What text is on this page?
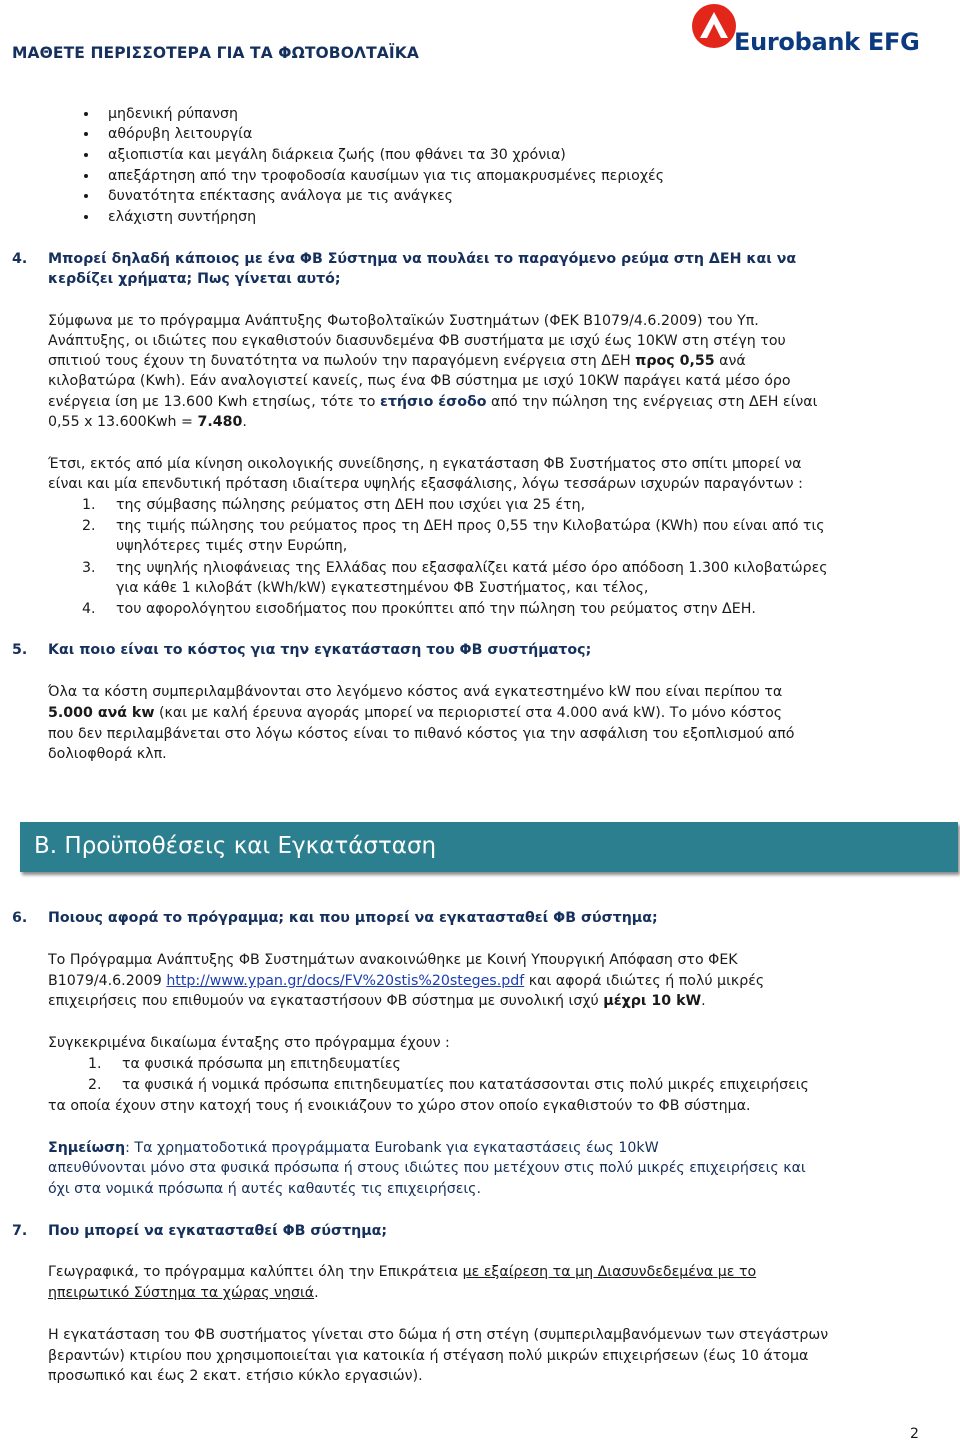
ΜΑΘΕΤΕ ΠΕΡΙΣΣΟΤΕΡΑ ΓΙΑ ΤΑ ΦΩΤΟΒΟΛΤΑΪΚΑ	Eurobank EFG
μηδενική ρύπανση
αθόρυβη λειτουργία
αξιοπιστία και μεγάλη διάρκεια ζωής (που φθάνει τα 30 χρόνια)
απεξάρτηση από την τροφοδοσία καυσίμων για τις απομακρυσμένες περιοχές
δυνατότητα επέκτασης ανάλογα με τις ανάγκες
ελάχιστη συντήρηση
4. Μπορεί δηλαδή κάποιος με ένα ΦΒ Σύστημα να πουλάει το παραγόμενο ρεύμα στη ΔΕΗ και να
κερδίζει χρήματα; Πως γίνεται αυτό;
Σύμφωνα με το πρόγραμμα Ανάπτυξης Φωτοβολταϊκών Συστημάτων (ΦΕΚ Β1079/4.6.2009) του Υπ.
Ανάπτυξης, οι ιδιώτες που εγκαθιστούν διασυνδεμένα ΦΒ συστήματα με ισχύ έως 10KW στη στέγη του
σπιτιού τους έχουν τη δυνατότητα να πωλούν την παραγόμενη ενέργεια στη ΔΕΗ προς 0,55 ανά
κιλοβατώρα (Kwh). Εάν αναλογιστεί κανείς, πως ένα ΦΒ σύστημα με ισχύ 10KW παράγει κατά μέσο όρο
ενέργεια ίση με 13.600 Kwh ετησίως, τότε το ετήσιο έσοδο από την πώληση της ενέργειας στη ΔΕΗ είναι
0,55 x 13.600Kwh = 7.480.
Έτσι, εκτός από μία κίνηση οικολογικής συνείδησης, η εγκατάσταση ΦΒ Συστήματος στο σπίτι μπορεί να
είναι και μία επενδυτική πρόταση ιδιαίτερα υψηλής εξασφάλισης, λόγω τεσσάρων ισχυρών παραγόντων :
1. της σύμβασης πώλησης ρεύματος στη ΔΕΗ που ισχύει για 25 έτη,
2. της τιμής πώλησης του ρεύματος προς τη ΔΕΗ προς 0,55 την Κιλοβατώρα (KWh) που είναι από τις
υψηλότερες τιμές στην Ευρώπη,
3. της υψηλής ηλιοφάνειας της Ελλάδας που εξασφαλίζει κατά μέσο όρο απόδοση 1.300 κιλοβατώρες
για κάθε 1 κιλοβάτ (kWh/kW) εγκατεστημένου ΦΒ Συστήματος, και τέλος,
4. του αφορολόγητου εισοδήματος που προκύπτει από την πώληση του ρεύματος στην ΔΕΗ.
5. Και ποιο είναι το κόστος για την εγκατάσταση του ΦΒ συστήματος;
Όλα τα κόστη συμπεριλαμβάνονται στο λεγόμενο κόστος ανά εγκατεστημένο kW που είναι περίπου τα
5.000 ανά kw (και με καλή έρευνα αγοράς μπορεί να περιοριστεί στα 4.000 ανά kW). Το μόνο κόστος
που δεν περιλαμβάνεται στο λόγω κόστος είναι το πιθανό κόστος για την ασφάλιση του εξοπλισμού από
δολιοφθορά κλπ.
Β. Προϋποθέσεις και Εγκατάσταση
6. Ποιους αφορά το πρόγραμμα; και που μπορεί να εγκατασταθεί ΦΒ σύστημα;
Το Πρόγραμμα Ανάπτυξης ΦΒ Συστημάτων ανακοινώθηκε με Κοινή Υπουργική Απόφαση στο ΦΕΚ
Β1079/4.6.2009 http://www.ypan.gr/docs/FV%20stis%20steges.pdf και αφορά ιδιώτες ή πολύ μικρές
επιχειρήσεις που επιθυμούν να εγκαταστήσουν ΦΒ σύστημα με συνολική ισχύ μέχρι 10 kW.
Συγκεκριμένα δικαίωμα ένταξης στο πρόγραμμα έχουν :
1. τα φυσικά πρόσωπα μη επιτηδευματίες
2. τα φυσικά ή νομικά πρόσωπα επιτηδευματίες που κατατάσσονται στις πολύ μικρές επιχειρήσεις
τα οποία έχουν στην κατοχή τους ή ενοικιάζουν το χώρο στον οποίο εγκαθιστούν το ΦΒ σύστημα.
Σημείωση: Τα χρηματοδοτικά προγράμματα Eurobank για εγκαταστάσεις έως 10kW
απευθύνονται μόνο στα φυσικά πρόσωπα ή στους ιδιώτες που μετέχουν στις πολύ μικρές επιχειρήσεις και
όχι στα νομικά πρόσωπα ή αυτές καθαυτές τις επιχειρήσεις.
7. Που μπορεί να εγκατασταθεί ΦΒ σύστημα;
Γεωγραφικά, το πρόγραμμα καλύπτει όλη την Επικράτεια με εξαίρεση τα μη Διασυνδεδεμένα με το
ηπειρωτικό Σύστημα τα χώρας νησιά.
Η εγκατάσταση του ΦΒ συστήματος γίνεται στο δώμα ή στη στέγη (συμπεριλαμβανόμενων των στεγάστρων
βεραντών) κτιρίου που χρησιμοποιείται για κατοικία ή στέγαση πολύ μικρών επιχειρήσεων (έως 10 άτομα
προσωπικό και έως 2 εκατ. ετήσιο κύκλο εργασιών).
2
